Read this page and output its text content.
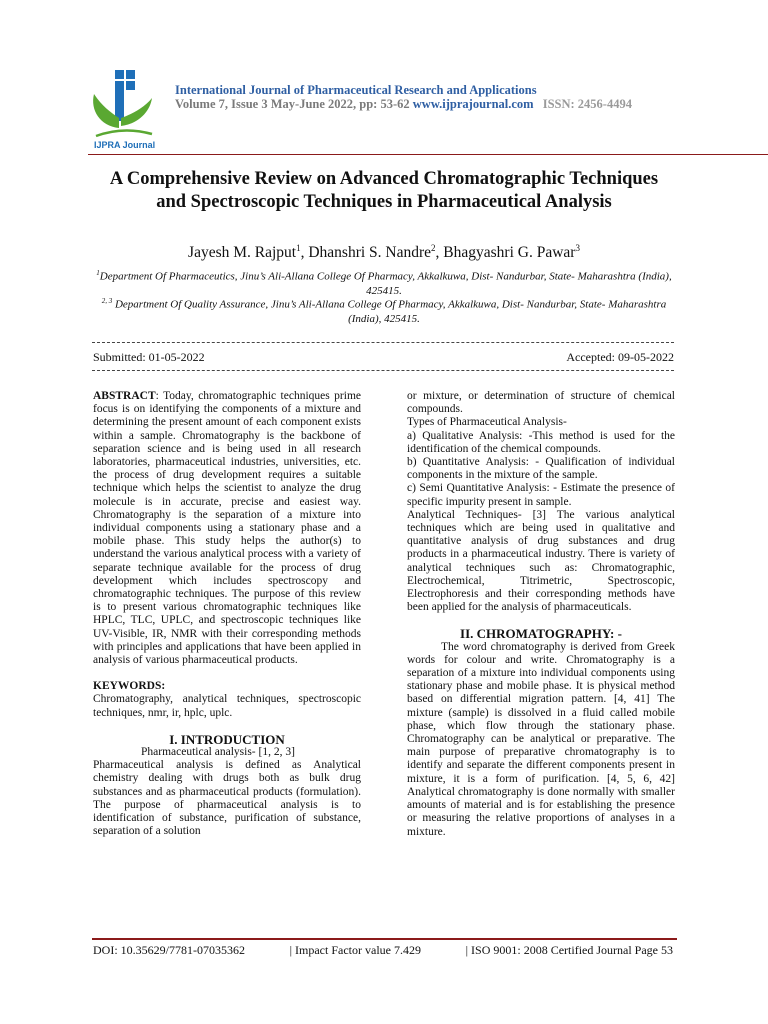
IJPRA Journal
International Journal of Pharmaceutical Research and Applications
Volume 7, Issue 3 May-June 2022, pp: 53-62 www.ijprajournal.com ISSN: 2456-4494
A Comprehensive Review on Advanced Chromatographic Techniques and Spectroscopic Techniques in Pharmaceutical Analysis
Jayesh M. Rajput$^1$, Dhanshri S. Nandre$^2$, Bhagyashri G. Pawar$^3$
$^1$Department Of Pharmaceutics, Jinu’s Ali-Allana College Of Pharmacy, Akkalkuwa, Dist- Nandurbar, State- Maharashtra (India), 425415.
$^{2, 3}$ Department Of Quality Assurance, Jinu’s Ali-Allana College Of Pharmacy, Akkalkuwa, Dist- Nandurbar, State- Maharashtra (India), 425415.
Submitted: 01-05-2022	Accepted: 09-05-2022

ABSTRACT: Today, chromatographic techniques prime focus is on identifying the components of a mixture and determining the present amount of each component exists within a sample. Chromatography is the backbone of separation science and is being used in all research laboratories, pharmaceutical industries, universities, etc. the process of drug development requires a suitable technique which helps the scientist to analyze the drug molecule is in accurate, precise and easiest way. Chromatography is the separation of a mixture into individual components using a stationary phase and a mobile phase. This study helps the author(s) to understand the various analytical process with a variety of separate technique available for the process of drug development which includes spectroscopy and chromatographic techniques. The purpose of this review is to present various chromatographic techniques like HPLC, TLC, UPLC, and spectroscopic techniques like UV-Visible, IR, NMR with their corresponding methods with principles and applications that have been applied in analysis of various pharmaceutical products.

KEYWORDS:

Chromatography, analytical techniques, spectroscopic techniques, nmr, ir, hplc, uplc.

I. INTRODUCTION

Pharmaceutical analysis- [1, 2, 3]

Pharmaceutical analysis is defined as Analytical chemistry dealing with drugs both as bulk drug substances and as pharmaceutical products (formulation). The purpose of pharmaceutical analysis is to identification of substance, purification of substance, separation of a solution

or mixture, or determination of structure of chemical compounds.

Types of Pharmaceutical Analysis-

a) Qualitative Analysis: -This method is used for the identification of the chemical compounds.

b) Quantitative Analysis: - Qualification of individual components in the mixture of the sample.

c) Semi Quantitative Analysis: - Estimate the presence of specific impurity present in sample.

Analytical Techniques- [3] The various analytical techniques which are being used in qualitative and quantitative analysis of drug substances and drug products in a pharmaceutical industry. There is variety of analytical techniques such as: Chromatographic, Electrochemical, Titrimetric, Spectroscopic, Electrophoresis and their corresponding methods have been applied for the analysis of pharmaceuticals.

II. CHROMATOGRAPHY: -

The word chromatography is derived from Greek words for colour and write. Chromatography is a separation of a mixture into individual components using stationary phase and mobile phase. It is physical method based on differential migration pattern. [4, 41] The mixture (sample) is dissolved in a fluid called mobile phase, which flow through the stationary phase. Chromatography can be analytical or preparative. The main purpose of preparative chromatography is to identify and separate the different components present in mixture, it is a form of purification. [4, 5, 6, 42] Analytical chromatography is done normally with smaller amounts of material and is for establishing the presence or measuring the relative proportions of analyses in a mixture.

DOI: 10.35629/7781-07035362	| Impact Factor value 7.429	| ISO 9001: 2008 Certified Journal Page 53
